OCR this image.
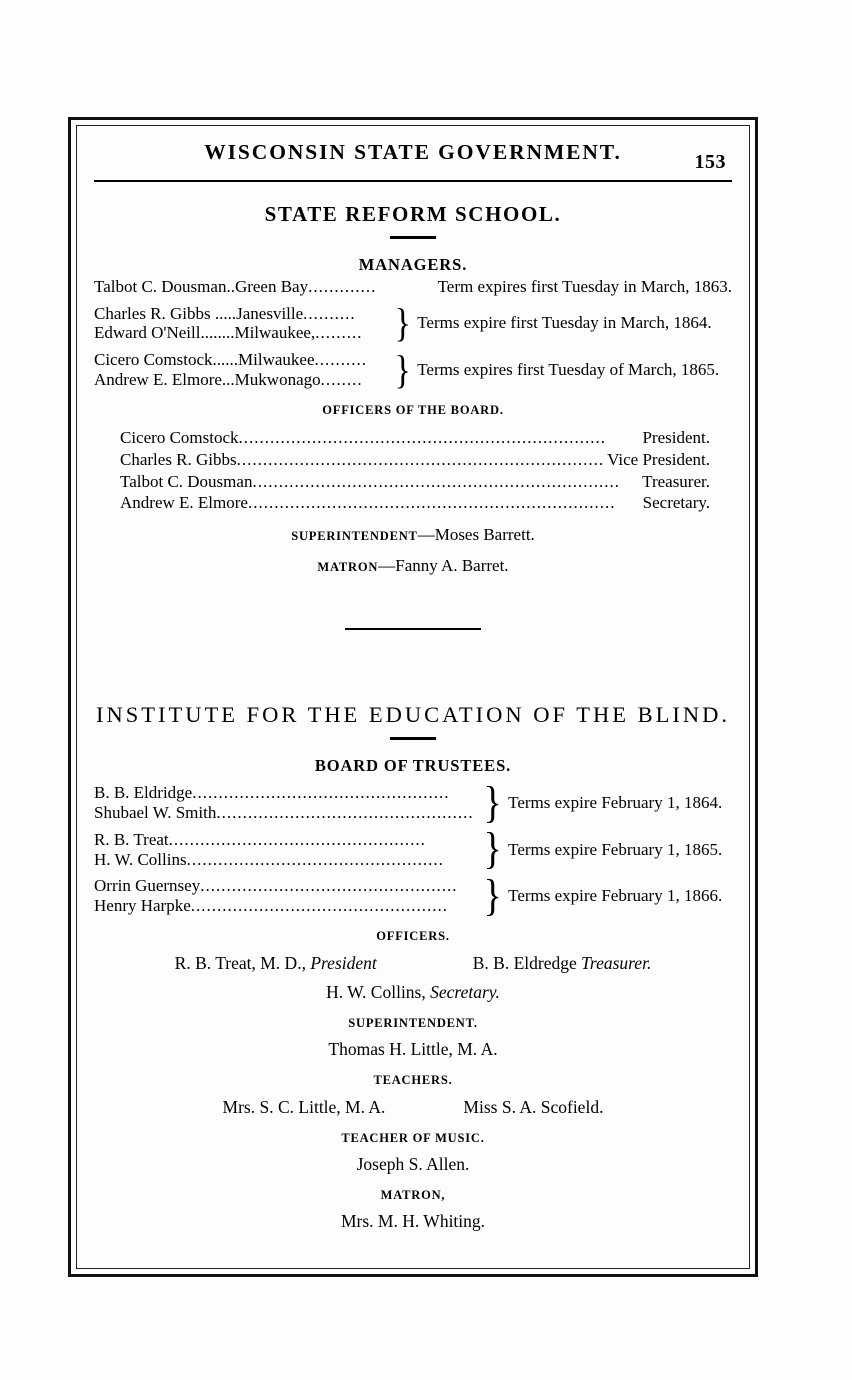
WISCONSIN STATE GOVERNMENT.	153
STATE REFORM SCHOOL.
MANAGERS.
Talbot C. Dousman..Green Bay .............	Term expires first Tuesday in March, 1863.
Charles R. Gibbs .....Janesville ..........
Edward O'Neill........Milwaukee, ......... } Terms expire first Tuesday in March, 1864.
Cicero Comstock......Milwaukee ..........
Andrew E. Elmore...Mukwonago ........ } Terms expires first Tuesday of March, 1865.
OFFICERS OF THE BOARD.
Cicero Comstock ......................................................................	President.
Charles R. Gibbs ...................................................................... Vice President.
Talbot C. Dousman ......................................................................	Treasurer.
Andrew E. Elmore ......................................................................	Secretary.
SUPERINTENDENT—Moses Barrett.
MATRON—Fanny A. Barret.
INSTITUTE FOR THE EDUCATION OF THE BLIND.
BOARD OF TRUSTEES.
B. B. Eldridge .................................................
Shubael W. Smith ................................................. } Terms expire February 1, 1864.
R. B. Treat .................................................
H. W. Collins ................................................. } Terms expire February 1, 1865.
Orrin Guernsey .................................................
Henry Harpke ................................................. } Terms expire February 1, 1866.
OFFICERS.
R. B. Treat, M. D., President	B. B. Eldredge Treasurer.
H. W. Collins, Secretary.
SUPERINTENDENT.
Thomas H. Little, M. A.
TEACHERS.
Mrs. S. C. Little, M. A.	Miss S. A. Scofield.
TEACHER OF MUSIC.
Joseph S. Allen.
MATRON,
Mrs. M. H. Whiting.
